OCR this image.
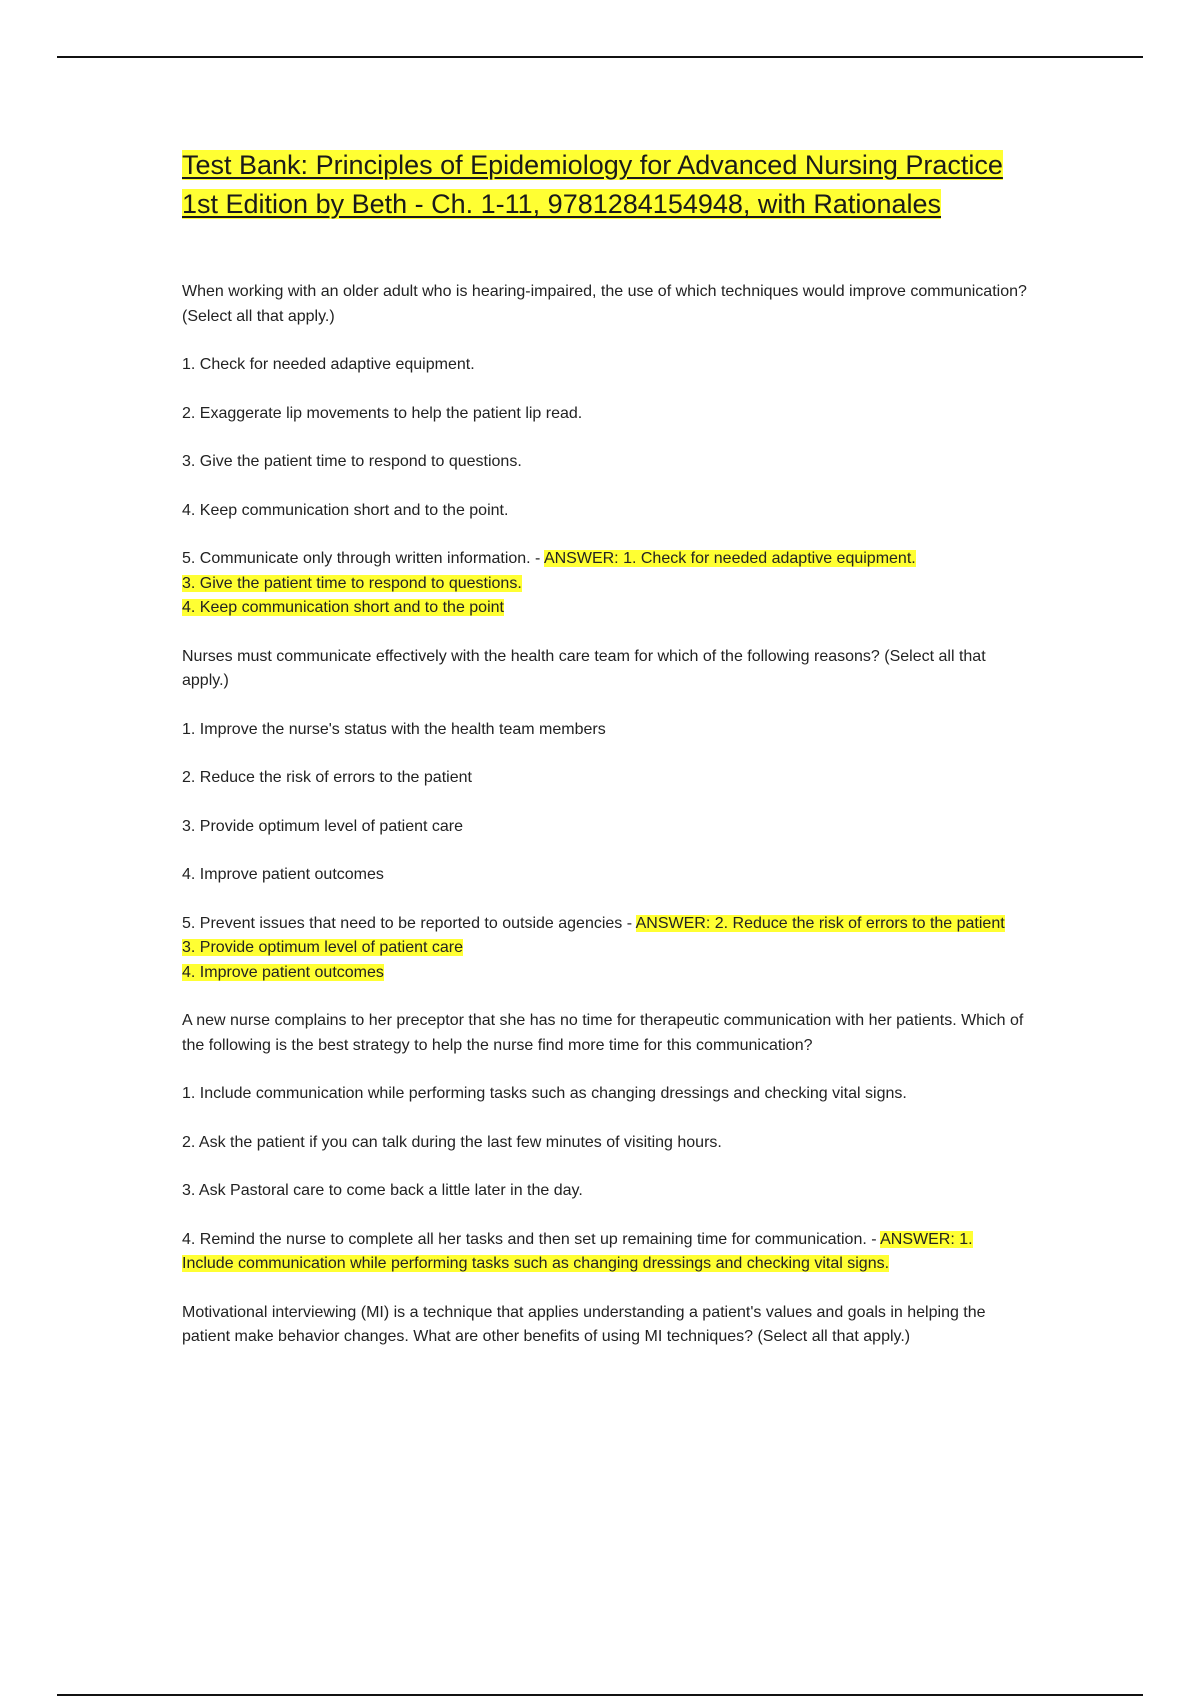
Test Bank: Principles of Epidemiology for Advanced Nursing Practice 1st Edition by Beth - Ch. 1-11, 9781284154948, with Rationales

When working with an older adult who is hearing-impaired, the use of which techniques would improve communication? (Select all that apply.)

1. Check for needed adaptive equipment.

2. Exaggerate lip movements to help the patient lip read.

3. Give the patient time to respond to questions.

4. Keep communication short and to the point.

5. Communicate only through written information. - ANSWER: 1. Check for needed adaptive equipment.
3. Give the patient time to respond to questions.
4. Keep communication short and to the point

Nurses must communicate effectively with the health care team for which of the following reasons? (Select all that apply.)

1. Improve the nurse's status with the health team members

2. Reduce the risk of errors to the patient

3. Provide optimum level of patient care

4. Improve patient outcomes

5. Prevent issues that need to be reported to outside agencies - ANSWER: 2. Reduce the risk of errors to the patient
3. Provide optimum level of patient care
4. Improve patient outcomes

A new nurse complains to her preceptor that she has no time for therapeutic communication with her patients. Which of the following is the best strategy to help the nurse find more time for this communication?

1. Include communication while performing tasks such as changing dressings and checking vital signs.

2. Ask the patient if you can talk during the last few minutes of visiting hours.

3. Ask Pastoral care to come back a little later in the day.

4. Remind the nurse to complete all her tasks and then set up remaining time for communication. - ANSWER: 1. Include communication while performing tasks such as changing dressings and checking vital signs.

Motivational interviewing (MI) is a technique that applies understanding a patient's values and goals in helping the patient make behavior changes. What are other benefits of using MI techniques? (Select all that apply.)
